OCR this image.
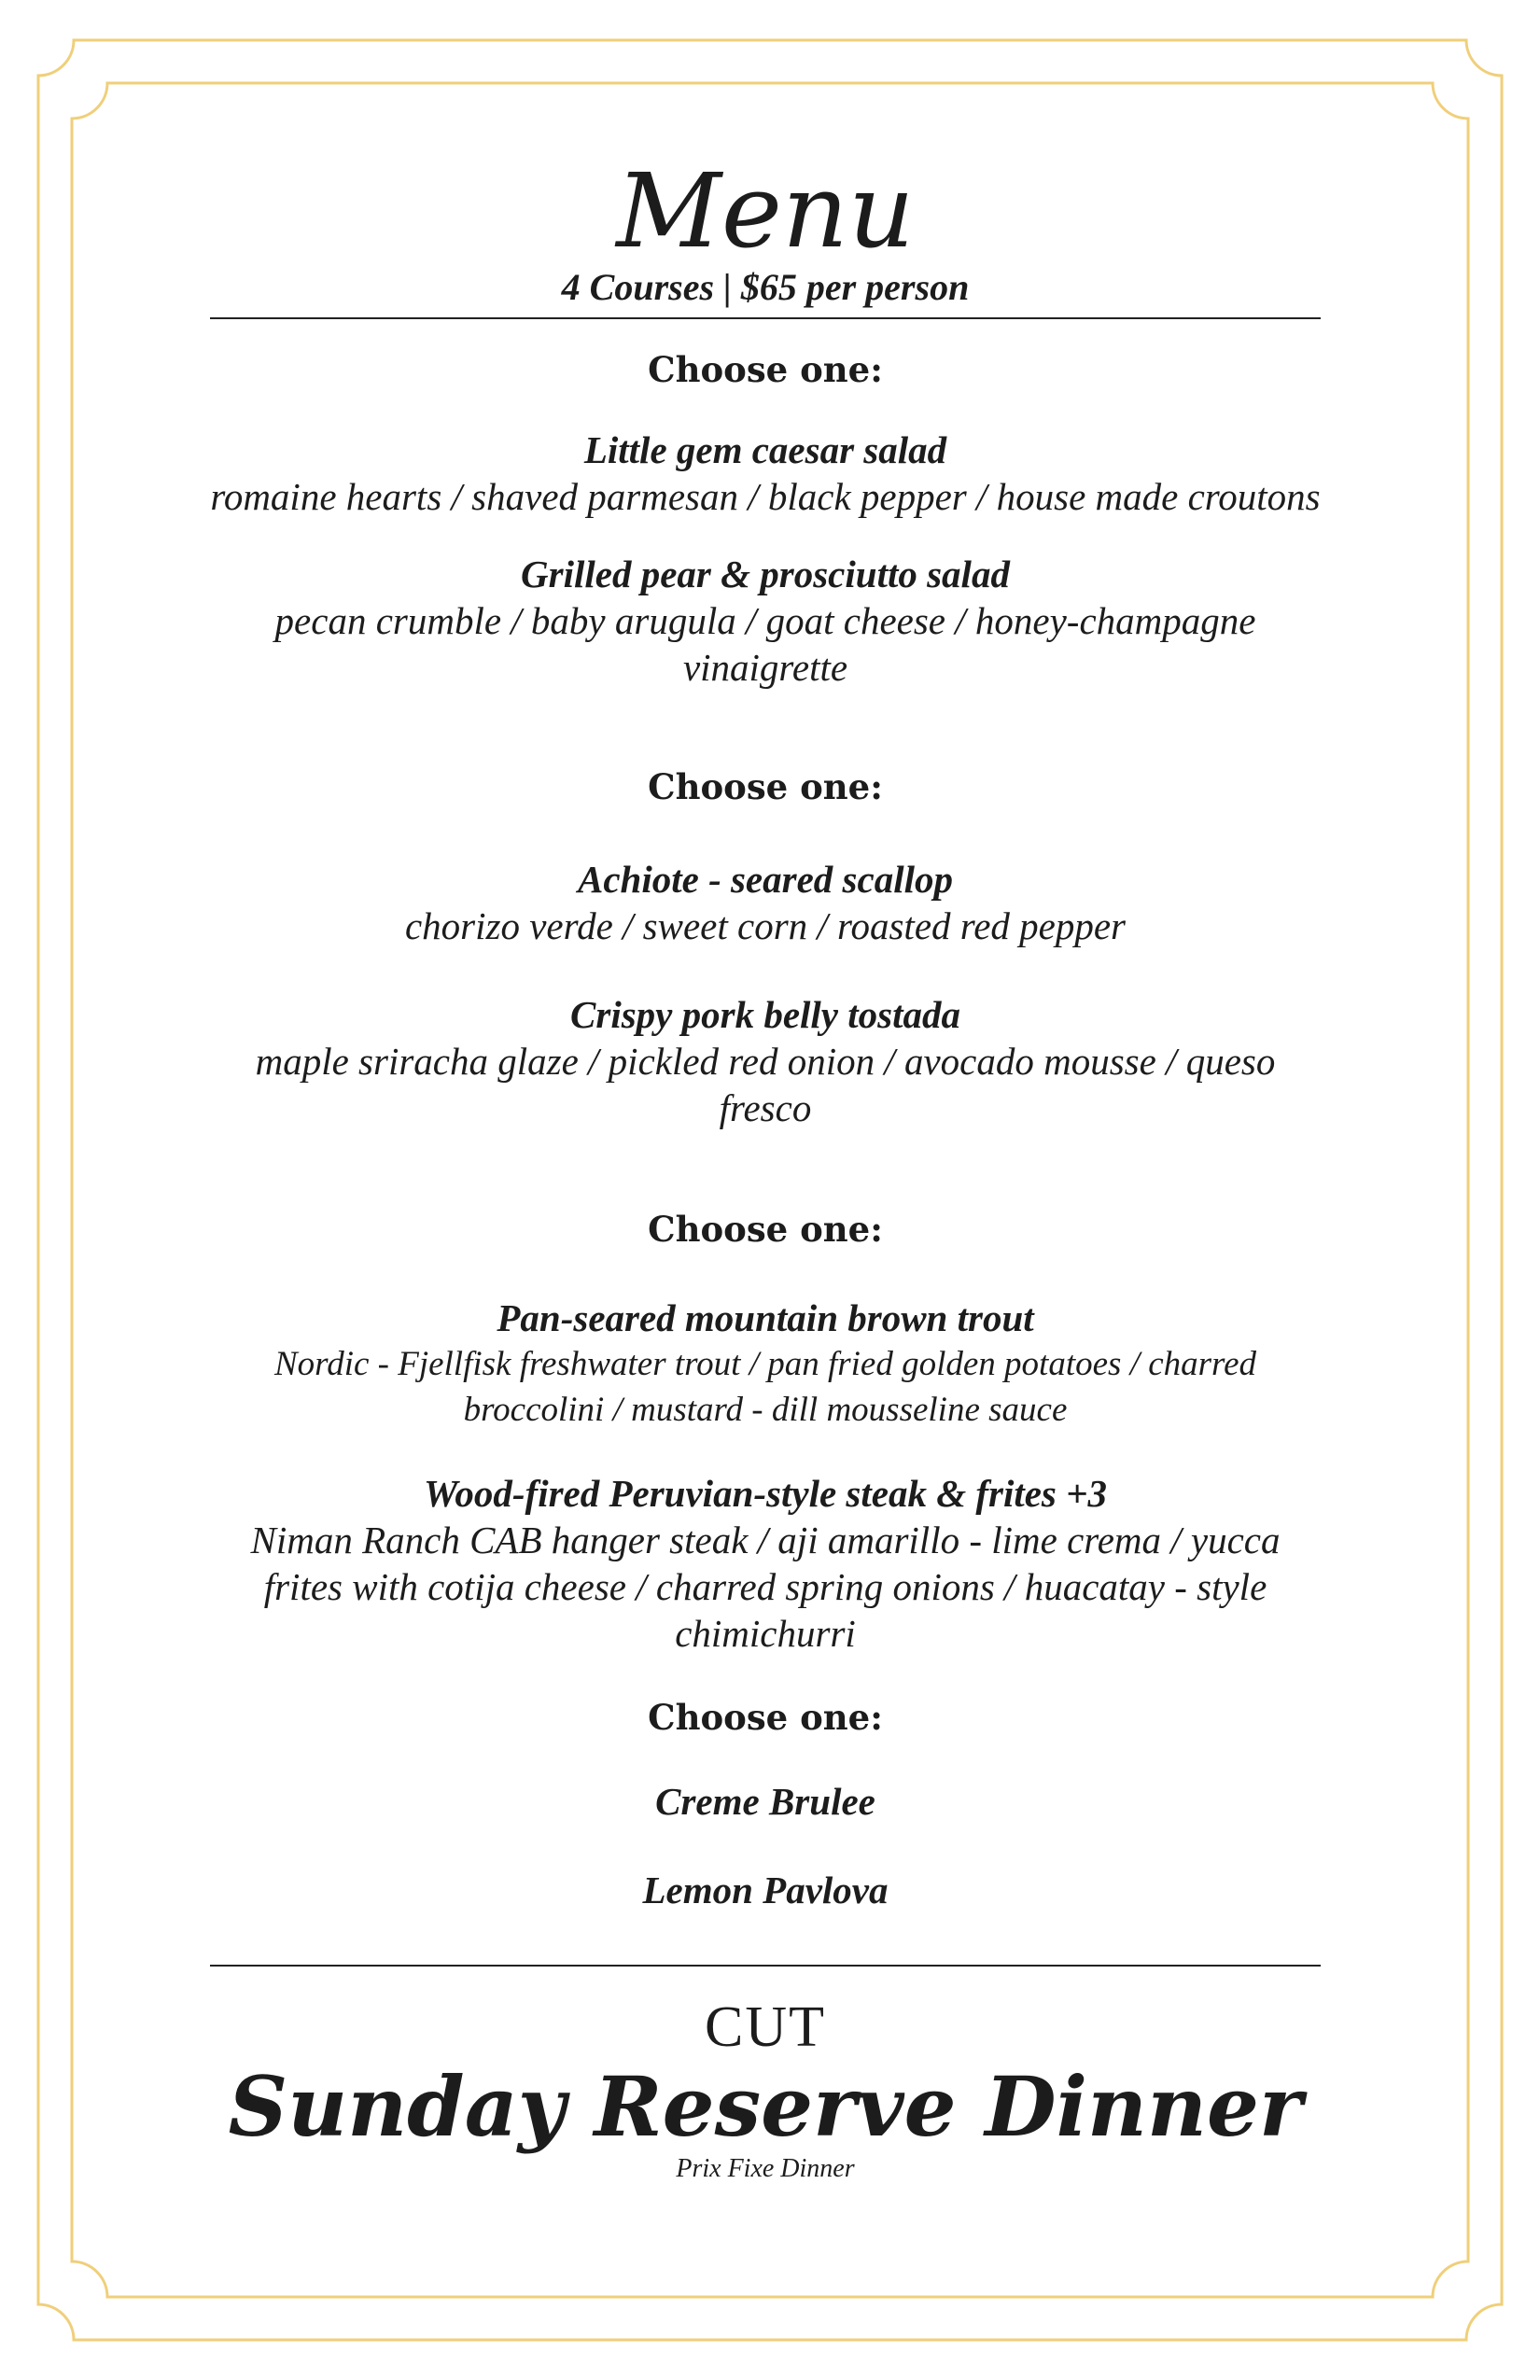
Menu
4 Courses | $65 per person
Choose one:
Little gem caesar salad
romaine hearts / shaved parmesan / black pepper / house made croutons
Grilled pear & prosciutto salad
pecan crumble / baby arugula / goat cheese / honey-champagne vinaigrette
Choose one:
Achiote - seared scallop
chorizo verde / sweet corn / roasted red pepper
Crispy pork belly tostada
maple sriracha glaze / pickled red onion / avocado mousse / queso fresco
Choose one:
Pan-seared mountain brown trout
Nordic - Fjellfisk freshwater trout / pan fried golden potatoes / charred broccolini / mustard - dill mousseline sauce
Wood-fired Peruvian-style steak & frites +3
Niman Ranch CAB hanger steak / aji amarillo - lime crema / yucca frites with cotija cheese / charred spring onions / huacatay - style chimichurri
Choose one:
Creme Brulee
Lemon Pavlova
CUT
Sunday Reserve Dinner
Prix Fixe Dinner
